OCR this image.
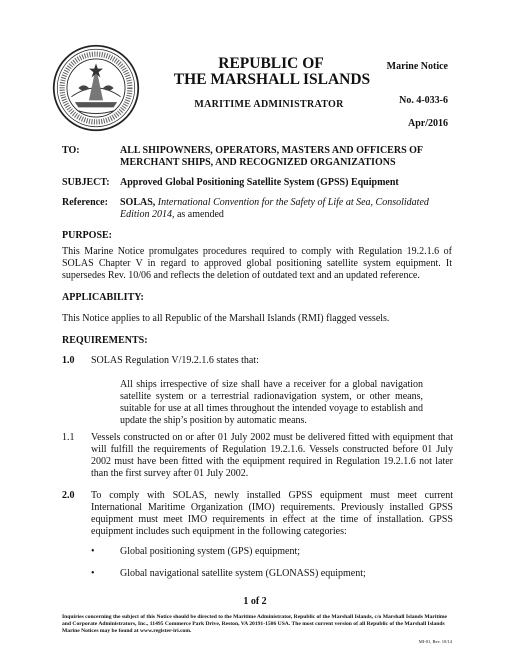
REPUBLIC OF
THE MARSHALL ISLANDS
MARITIME ADMINISTRATOR
Marine Notice
No. 4-033-6
Apr/2016
TO:	ALL SHIPOWNERS, OPERATORS, MASTERS AND OFFICERS OF MERCHANT SHIPS, AND RECOGNIZED ORGANIZATIONS
SUBJECT: Approved Global Positioning Satellite System (GPSS) Equipment
Reference: SOLAS, International Convention for the Safety of Life at Sea, Consolidated Edition 2014, as amended
PURPOSE:
This Marine Notice promulgates procedures required to comply with Regulation 19.2.1.6 of SOLAS Chapter V in regard to approved global positioning satellite system equipment. It supersedes Rev. 10/06 and reflects the deletion of outdated text and an updated reference.
APPLICABILITY:
This Notice applies to all Republic of the Marshall Islands (RMI) flagged vessels.
REQUIREMENTS:
1.0 SOLAS Regulation V/19.2.1.6 states that:
All ships irrespective of size shall have a receiver for a global navigation satellite system or a terrestrial radionavigation system, or other means, suitable for use at all times throughout the intended voyage to establish and update the ship’s position by automatic means.
1.1 Vessels constructed on or after 01 July 2002 must be delivered fitted with equipment that will fulfill the requirements of Regulation 19.2.1.6. Vessels constructed before 01 July 2002 must have been fitted with the equipment required in Regulation 19.2.1.6 not later than the first survey after 01 July 2002.
2.0 To comply with SOLAS, newly installed GPSS equipment must meet current International Maritime Organization (IMO) requirements. Previously installed GPSS equipment must meet IMO requirements in effect at the time of installation. GPSS equipment includes such equipment in the following categories:
•	Global positioning system (GPS) equipment;
•	Global navigational satellite system (GLONASS) equipment;
1 of 2
Inquiries concerning the subject of this Notice should be directed to the Maritime Administrator, Republic of the Marshall Islands, c/o Marshall Islands Maritime and Corporate Administrators, Inc., 11495 Commerce Park Drive, Reston, VA 20191-1506 USA. The most current version of all Republic of the Marshall Islands Marine Notices may be found at www.register-iri.com.
MI-01, Rev. 10/14
